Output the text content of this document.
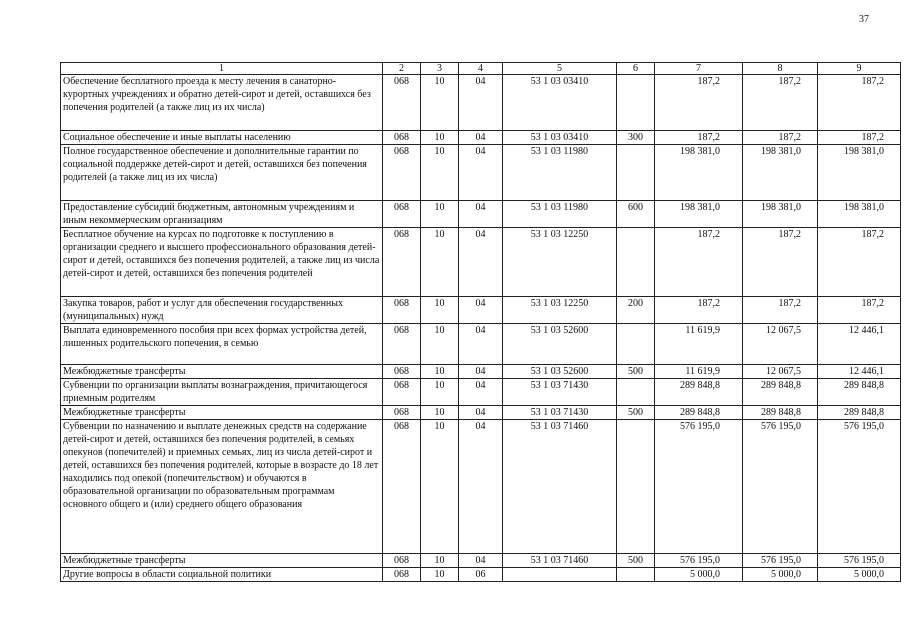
37
1	2	3	4	5	6	7	8	9
Обеспечение бесплатного проезда к месту лечения в санаторно-курортных учреждениях и обратно детей-сирот и детей, оставшихся без попечения родителей (а также лиц из их числа)	068	10	04	53 1 03 03410		187,2	187,2	187,2
Социальное обеспечение и иные выплаты населению	068	10	04	53 1 03 03410	300	187,2	187,2	187,2
Полное государственное обеспечение и дополнительные гарантии по социальной поддержке детей-сирот и детей, оставшихся без попечения родителей (а также лиц из их числа)	068	10	04	53 1 03 11980		198 381,0	198 381,0	198 381,0
Предоставление субсидий бюджетным, автономным учреждениям и иным некоммерческим организациям	068	10	04	53 1 03 11980	600	198 381,0	198 381,0	198 381,0
Бесплатное обучение на курсах по подготовке к поступлению в организации среднего и высшего профессионального образования детей-сирот и детей, оставшихся без попечения родителей, а также лиц из числа детей-сирот и детей, оставшихся без попечения родителей	068	10	04	53 1 03 12250		187,2	187,2	187,2
Закупка товаров, работ и услуг для обеспечения государственных (муниципальных) нужд	068	10	04	53 1 03 12250	200	187,2	187,2	187,2
Выплата единовременного пособия при всех формах устройства детей, лишенных родительского попечения, в семью	068	10	04	53 1 03 52600		11 619,9	12 067,5	12 446,1
Межбюджетные трансферты	068	10	04	53 1 03 52600	500	11 619,9	12 067,5	12 446,1
Субвенции по организации выплаты вознаграждения, причитающегося приемным родителям	068	10	04	53 1 03 71430		289 848,8	289 848,8	289 848,8
Межбюджетные трансферты	068	10	04	53 1 03 71430	500	289 848,8	289 848,8	289 848,8
Субвенции по назначению и выплате денежных средств на содержание детей-сирот и детей, оставшихся без попечения родителей, в семьях опекунов (попечителей) и приемных семьях, лиц из числа детей-сирот и детей, оставшихся без попечения родителей, которые в возрасте до 18 лет находились под опекой (попечительством) и обучаются в образовательной организации по образовательным программам основного общего и (или) среднего общего образования	068	10	04	53 1 03 71460		576 195,0	576 195,0	576 195,0
Межбюджетные трансферты	068	10	04	53 1 03 71460	500	576 195,0	576 195,0	576 195,0
Другие вопросы в области социальной политики	068	10	06			5 000,0	5 000,0	5 000,0
